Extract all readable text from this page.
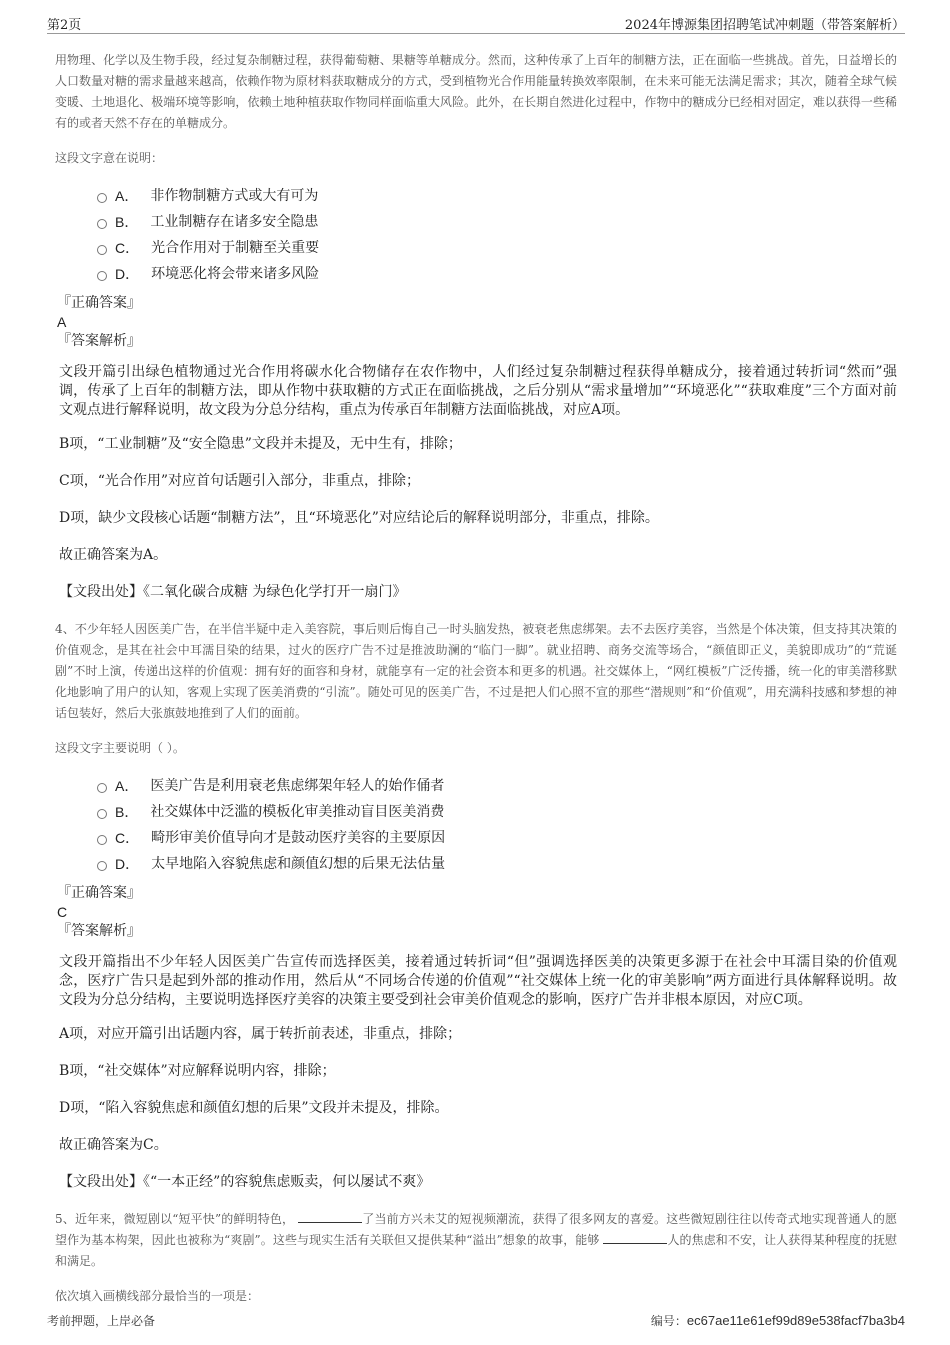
第2页	2024年博源集团招聘笔试冲刺题（带答案解析）

用物理、化学以及生物手段，经过复杂制糖过程，获得葡萄糖、果糖等单糖成分。然而，这种传承了上百年的制糖方法，正在面临一些挑战。首先，日益增长的人口数量对糖的需求量越来越高，依赖作物为原材料获取糖成分的方式，受到植物光合作用能量转换效率限制，在未来可能无法满足需求；其次，随着全球气候变暖、土地退化、极端环境等影响，依赖土地种植获取作物同样面临重大风险。此外，在长期自然进化过程中，作物中的糖成分已经相对固定，难以获得一些稀有的或者天然不存在的单糖成分。

这段文字意在说明：

A． 非作物制糖方式或大有可为
B． 工业制糖存在诸多安全隐患
C． 光合作用对于制糖至关重要
D． 环境恶化将会带来诸多风险
『正确答案』
A
『答案解析』

文段开篇引出绿色植物通过光合作用将碳水化合物储存在农作物中，人们经过复杂制糖过程获得单糖成分，接着通过转折词“然而”强调，传承了上百年的制糖方法，即从作物中获取糖的方式正在面临挑战，之后分别从“需求量增加”“环境恶化”“获取难度”三个方面对前文观点进行解释说明，故文段为分总分结构，重点为传承百年制糖方法面临挑战，对应A项。

B项，“工业制糖”及“安全隐患”文段并未提及，无中生有，排除；

C项，“光合作用”对应首句话题引入部分，非重点，排除；

D项，缺少文段核心话题“制糖方法”，且“环境恶化”对应结论后的解释说明部分，非重点，排除。

故正确答案为A。

【文段出处】《二氧化碳合成糖 为绿色化学打开一扇门》

4、不少年轻人因医美广告，在半信半疑中走入美容院，事后则后悔自己一时头脑发热，被衰老焦虑绑架。去不去医疗美容，当然是个体决策，但支持其决策的价值观念，是其在社会中耳濡目染的结果，过火的医疗广告不过是推波助澜的“临门一脚”。就业招聘、商务交流等场合，“颜值即正义，美貌即成功”的“荒诞剧”不时上演，传递出这样的价值观：拥有好的面容和身材，就能享有一定的社会资本和更多的机遇。社交媒体上，“网红模板”广泛传播，统一化的审美潜移默化地影响了用户的认知，客观上实现了医美消费的“引流”。随处可见的医美广告，不过是把人们心照不宣的那些“潜规则”和“价值观”，用充满科技感和梦想的神话包装好，然后大张旗鼓地推到了人们的面前。

这段文字主要说明（ ）。

A． 医美广告是利用衰老焦虑绑架年轻人的始作俑者
B． 社交媒体中泛滥的模板化审美推动盲目医美消费
C． 畸形审美价值导向才是鼓动医疗美容的主要原因
D． 太早地陷入容貌焦虑和颜值幻想的后果无法估量
『正确答案』
C
『答案解析』

文段开篇指出不少年轻人因医美广告宣传而选择医美，接着通过转折词“但”强调选择医美的决策更多源于在社会中耳濡目染的价值观念，医疗广告只是起到外部的推动作用，然后从“不同场合传递的价值观”“社交媒体上统一化的审美影响”两方面进行具体解释说明。故文段为分总分结构，主要说明选择医疗美容的决策主要受到社会审美价值观念的影响，医疗广告并非根本原因，对应C项。

A项，对应开篇引出话题内容，属于转折前表述，非重点，排除；

B项，“社交媒体”对应解释说明内容，排除；

D项，“陷入容貌焦虑和颜值幻想的后果”文段并未提及，排除。

故正确答案为C。

【文段出处】《“一本正经”的容貌焦虑贩卖，何以屡试不爽》

5、近年来，微短剧以“短平快”的鲜明特色，	了当前方兴未艾的短视频潮流，获得了很多网友的喜爱。这些微短剧往往以传奇式地实现普通人的愿望作为基本构架，因此也被称为“爽剧”。这些与现实生活有关联但又提供某种“溢出”想象的故事，能够	人的焦虑和不安，让人获得某种程度的抚慰和满足。

依次填入画横线部分最恰当的一项是：

考前押题，上岸必备	编号：ec67ae11e61ef99d89e538facf7ba3b4
